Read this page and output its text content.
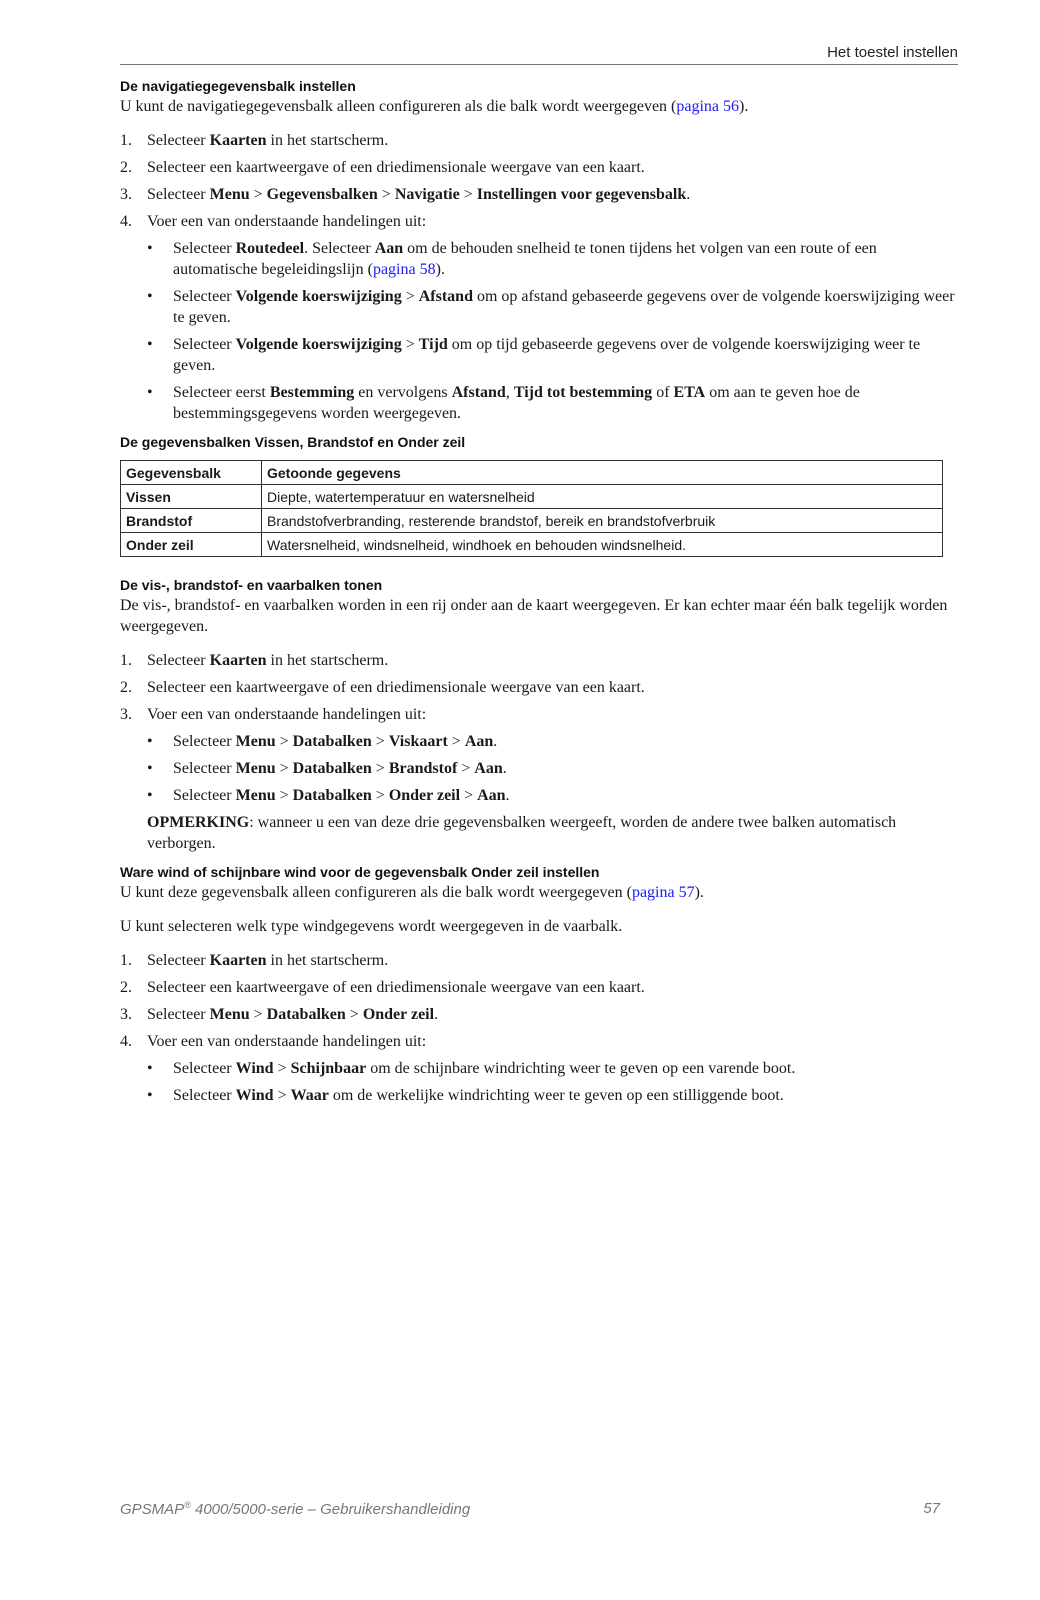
Het toestel instellen
De navigatiegegevensbalk instellen

U kunt de navigatiegegevensbalk alleen configureren als die balk wordt weergegeven (pagina 56).

1. Selecteer Kaarten in het startscherm.
2. Selecteer een kaartweergave of een driedimensionale weergave van een kaart.
3. Selecteer Menu > Gegevensbalken > Navigatie > Instellingen voor gegevensbalk.
4. Voer een van onderstaande handelingen uit:
• Selecteer Routedeel. Selecteer Aan om de behouden snelheid te tonen tijdens het volgen van een route of een automatische begeleidingslijn (pagina 58).
• Selecteer Volgende koerswijziging > Afstand om op afstand gebaseerde gegevens over de volgende koerswijziging weer te geven.
• Selecteer Volgende koerswijziging > Tijd om op tijd gebaseerde gegevens over de volgende koerswijziging weer te geven.
• Selecteer eerst Bestemming en vervolgens Afstand, Tijd tot bestemming of ETA om aan te geven hoe de bestemmingsgegevens worden weergegeven.
De gegevensbalken Vissen, Brandstof en Onder zeil
Gegevensbalk	Getoonde gegevens
Vissen	Diepte, watertemperatuur en watersnelheid
Brandstof	Brandstofverbranding, resterende brandstof, bereik en brandstofverbruik
Onder zeil	Watersnelheid, windsnelheid, windhoek en behouden windsnelheid.
De vis-, brandstof- en vaarbalken tonen

De vis-, brandstof- en vaarbalken worden in een rij onder aan de kaart weergegeven. Er kan echter maar één balk tegelijk worden weergegeven.

1. Selecteer Kaarten in het startscherm.
2. Selecteer een kaartweergave of een driedimensionale weergave van een kaart.
3. Voer een van onderstaande handelingen uit:
• Selecteer Menu > Databalken > Viskaart > Aan.
• Selecteer Menu > Databalken > Brandstof > Aan.
• Selecteer Menu > Databalken > Onder zeil > Aan.

OPMERKING: wanneer u een van deze drie gegevensbalken weergeeft, worden de andere twee balken automatisch verborgen.

Ware wind of schijnbare wind voor de gegevensbalk Onder zeil instellen

U kunt deze gegevensbalk alleen configureren als die balk wordt weergegeven (pagina 57).

U kunt selecteren welk type windgegevens wordt weergegeven in de vaarbalk.

1. Selecteer Kaarten in het startscherm.
2. Selecteer een kaartweergave of een driedimensionale weergave van een kaart.
3. Selecteer Menu > Databalken > Onder zeil.
4. Voer een van onderstaande handelingen uit:
• Selecteer Wind > Schijnbaar om de schijnbare windrichting weer te geven op een varende boot.
• Selecteer Wind > Waar om de werkelijke windrichting weer te geven op een stilliggende boot.
GPSMAP® 4000/5000-serie – Gebruikershandleiding	57
